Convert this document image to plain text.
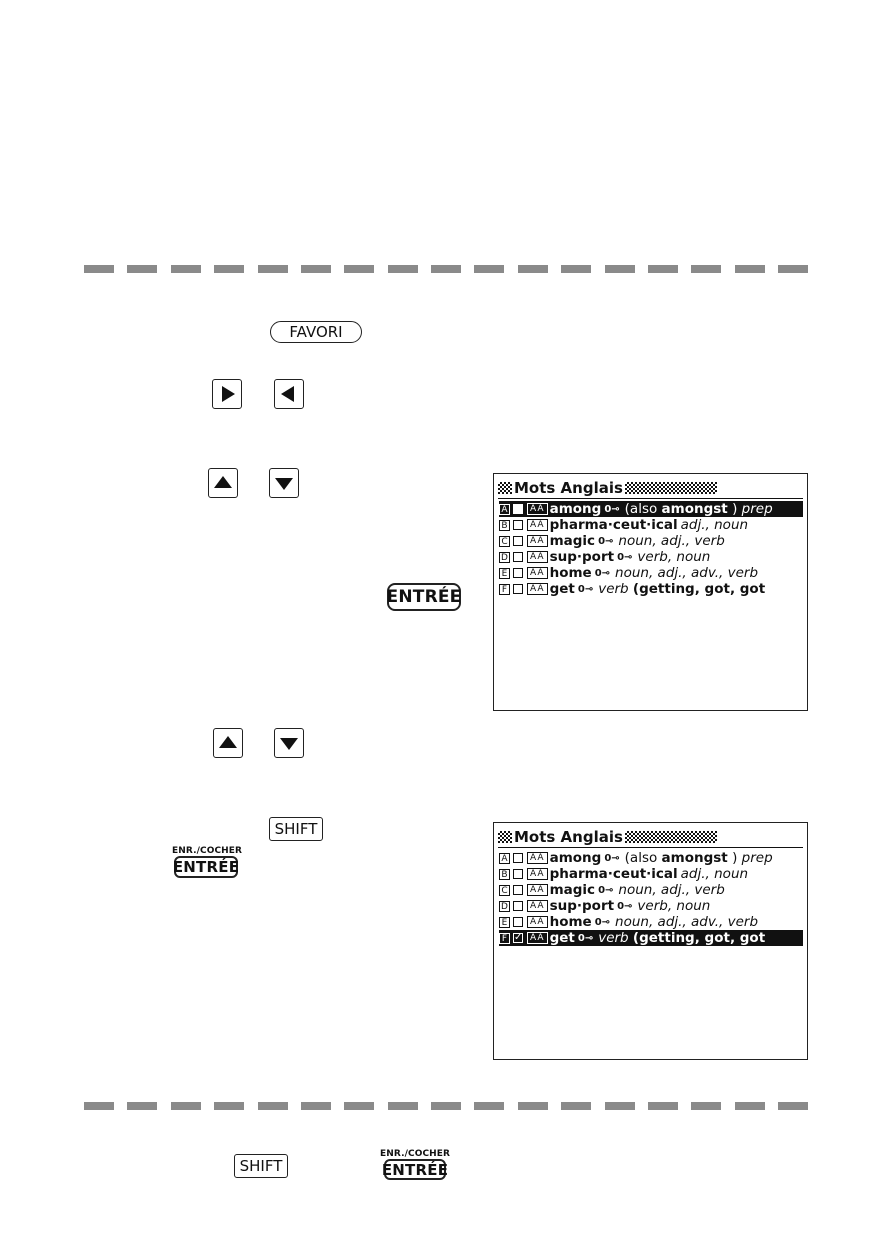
FAVORI
ENTRÉE
Mots Anglais
A	AA among 0⊸ (also
amongst
)
prep
B	AA pharma·ceut·ical adj., noun
C	AA magic 0⊸ noun, adj., verb
D	AA sup·port 0⊸ verb, noun
E	AA home 0⊸ noun, adj., adv., verb
F	AA get 0⊸ verb
(getting, got, got
SHIFT
ENR./COCHER
ENTRÉE
Mots Anglais
A	AA among 0⊸ (also
amongst
)
prep
B	AA pharma·ceut·ical adj., noun
C	AA magic 0⊸ noun, adj., verb
D	AA sup·port 0⊸ verb, noun
E	AA home 0⊸ noun, adj., adv., verb
F ✓ AA get 0⊸ verb
(getting, got, got
SHIFT
ENR./COCHER
ENTRÉE
